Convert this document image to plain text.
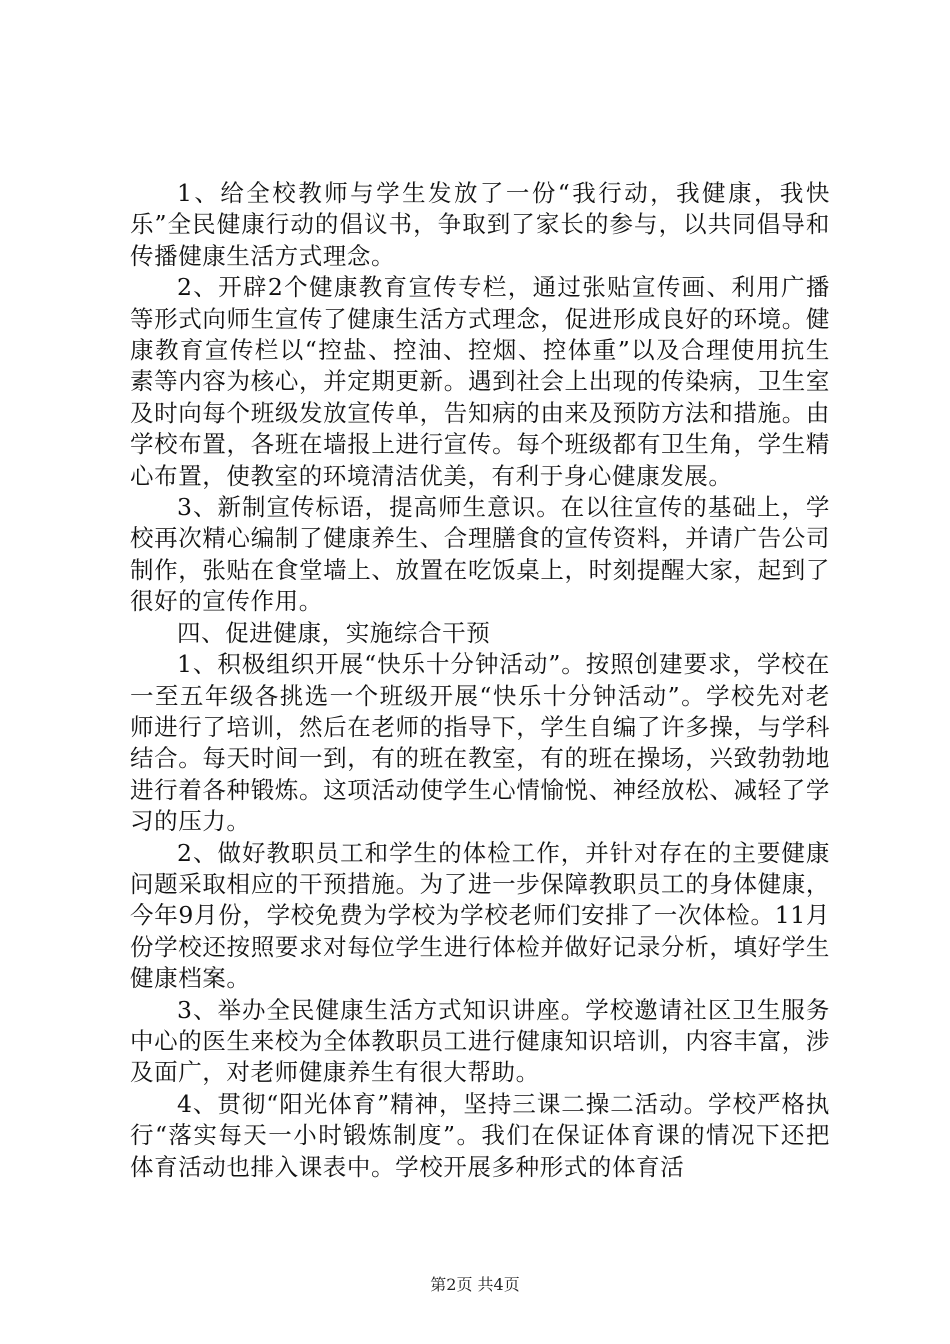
1、给全校教师与学生发放了一份“我行动，我健康，我快乐”全民健康行动的倡议书，争取到了家长的参与，以共同倡导和传播健康生活方式理念。

2、开辟2个健康教育宣传专栏，通过张贴宣传画、利用广播等形式向师生宣传了健康生活方式理念，促进形成良好的环境。健康教育宣传栏以“控盐、控油、控烟、控体重”以及合理使用抗生素等内容为核心，并定期更新。遇到社会上出现的传染病，卫生室及时向每个班级发放宣传单，告知病的由来及预防方法和措施。由学校布置，各班在墙报上进行宣传。每个班级都有卫生角，学生精心布置，使教室的环境清洁优美，有利于身心健康发展。

3、新制宣传标语，提高师生意识。在以往宣传的基础上，学校再次精心编制了健康养生、合理膳食的宣传资料，并请广告公司制作，张贴在食堂墙上、放置在吃饭桌上，时刻提醒大家，起到了很好的宣传作用。

四、促进健康，实施综合干预

1、积极组织开展“快乐十分钟活动”。按照创建要求，学校在一至五年级各挑选一个班级开展“快乐十分钟活动”。学校先对老师进行了培训，然后在老师的指导下，学生自编了许多操，与学科结合。每天时间一到，有的班在教室，有的班在操场，兴致勃勃地进行着各种锻炼。这项活动使学生心情愉悦、神经放松、减轻了学习的压力。

2、做好教职员工和学生的体检工作，并针对存在的主要健康问题采取相应的干预措施。为了进一步保障教职员工的身体健康，今年9月份，学校免费为学校为学校老师们安排了一次体检。11月份学校还按照要求对每位学生进行体检并做好记录分析，填好学生健康档案。

3、举办全民健康生活方式知识讲座。学校邀请社区卫生服务中心的医生来校为全体教职员工进行健康知识培训，内容丰富，涉及面广，对老师健康养生有很大帮助。

4、贯彻“阳光体育”精神，坚持三课二操二活动。学校严格执行“落实每天一小时锻炼制度”。我们在保证体育课的情况下还把体育活动也排入课表中。学校开展多种形式的体育活

第2页 共4页
